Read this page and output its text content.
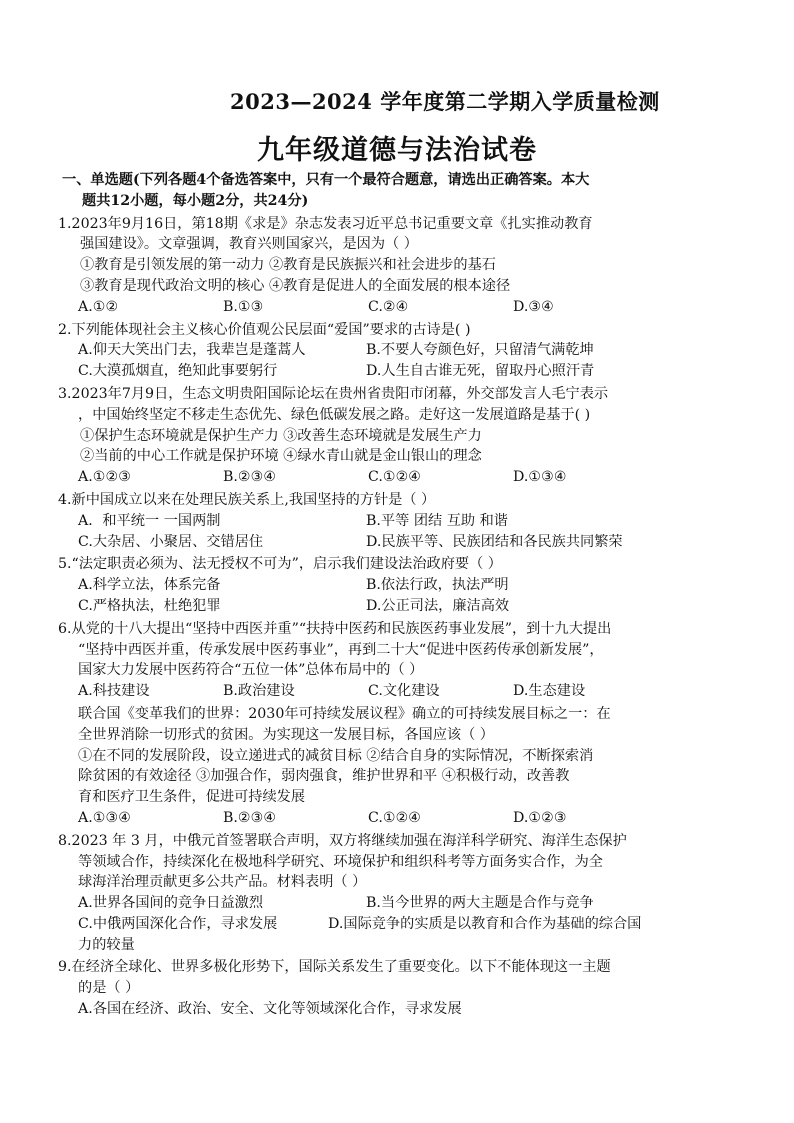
2023—2024 学年度第二学期入学质量检测
九年级道德与法治试卷
一、单选题(下列各题4个备选答案中，只有一个最符合题意，请选出正确答案。本大
题共12小题，每小题2分，共24分)
1.2023年9月16日，第18期《求是》杂志发表习近平总书记重要文章《扎实推动教育
强国建设》。文章强调，教育兴则国家兴，是因为（ ）
①教育是引领发展的第一动力 ②教育是民族振兴和社会进步的基石
③教育是现代政治文明的核心 ④教育是促进人的全面发展的根本途径
A.①②	B.①③	C.②④	D.③④
2.下列能体现社会主义核心价值观公民层面“爱国”要求的古诗是( )
A.仰天大笑出门去，我辈岂是蓬蒿人	B.不要人夸颜色好，只留清气满乾坤
C.大漠孤烟直，绝知此事要躬行	D.人生自古谁无死，留取丹心照汗青
3.2023年7月9日，生态文明贵阳国际论坛在贵州省贵阳市闭幕，外交部发言人毛宁表示
，中国始终坚定不移走生态优先、绿色低碳发展之路。走好这一发展道路是基于( )
①保护生态环境就是保护生产力 ③改善生态环境就是发展生产力
②当前的中心工作就是保护环境 ④绿水青山就是金山银山的理念
A.①②③	B.②③④	C.①②④	D.①③④
4.新中国成立以来在处理民族关系上,我国坚持的方针是（ ）
A．和平统一 一国两制	B.平等 团结 互助 和谐
C.大杂居、小聚居、交错居住	D.民族平等、民族团结和各民族共同繁荣
5.“法定职责必须为、法无授权不可为”，启示我们建设法治政府要（ ）
A.科学立法，体系完备	B.依法行政，执法严明
C.严格执法，杜绝犯罪	D.公正司法，廉洁高效
6.从党的十八大提出“坚持中西医并重”“扶持中医药和民族医药事业发展”，到十九大提出
“坚持中西医并重，传承发展中医药事业”，再到二十大“促进中医药传承创新发展”，
国家大力发展中医药符合“五位一体”总体布局中的（ ）
A.科技建设	B.政治建设	C.文化建设	D.生态建设
联合国《变革我们的世界：2030年可持续发展议程》确立的可持续发展目标之一：在
全世界消除一切形式的贫困。为实现这一发展目标，各国应该（ ）
①在不同的发展阶段，设立递进式的减贫目标 ②结合自身的实际情况，不断探索消
除贫困的有效途径 ③加强合作，弱肉强食，维护世界和平 ④积极行动，改善教
育和医疗卫生条件，促进可持续发展
A.①③④	B.②③④	C.①②④	D.①②③
8.2023 年 3 月，中俄元首签署联合声明，双方将继续加强在海洋科学研究、海洋生态保护
等领域合作，持续深化在极地科学研究、环境保护和组织科考等方面务实合作，为全
球海洋治理贡献更多公共产品。材料表明（ ）
A.世界各国间的竞争日益激烈	B.当今世界的两大主题是合作与竞争
C.中俄两国深化合作，寻求发展	D.国际竞争的实质是以教育和合作为基础的综合国
力的较量
9.在经济全球化、世界多极化形势下，国际关系发生了重要变化。以下不能体现这一主题
的是（ ）
A.各国在经济、政治、安全、文化等领域深化合作，寻求发展
